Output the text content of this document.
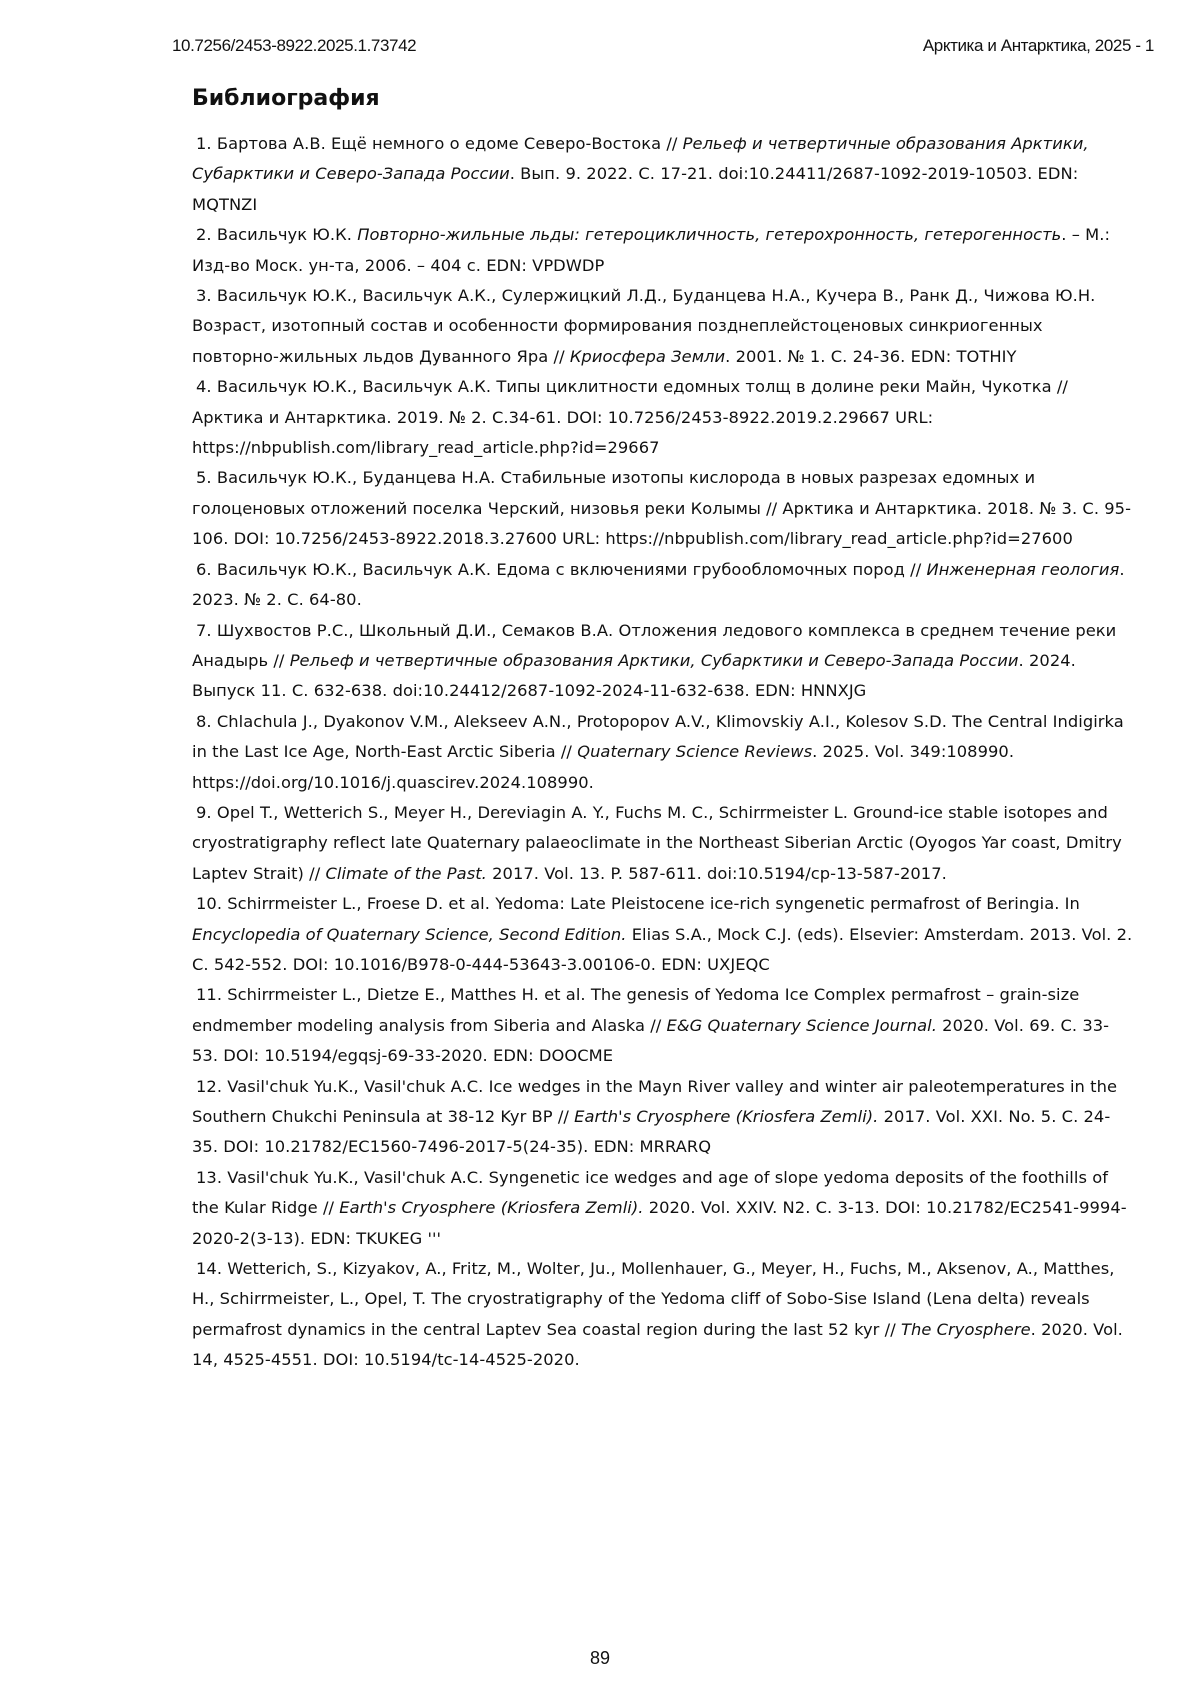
10.7256/2453-8922.2025.1.73742	Арктика и Антарктика, 2025 - 1
Библиография
1. Бартова А.В. Ещё немного о едоме Северо-Востока // Рельеф и четвертичные образования Арктики, Субарктики и Северо-Запада России. Вып. 9. 2022. С. 17-21. doi:10.24411/2687-1092-2019-10503. EDN: MQTNZI
2. Васильчук Ю.К. Повторно-жильные льды: гетероцикличность, гетерохронность, гетерогенность. – М.: Изд-во Моск. ун-та, 2006. – 404 с. EDN: VPDWDP
3. Васильчук Ю.К., Васильчук А.К., Сулержицкий Л.Д., Буданцева Н.А., Кучера В., Ранк Д., Чижова Ю.Н. Возраст, изотопный состав и особенности формирования позднеплейстоценовых синкриогенных повторно-жильных льдов Дуванного Яра // Криосфера Земли. 2001. № 1. С. 24-36. EDN: TOTHIY
4. Васильчук Ю.К., Васильчук А.К. Типы циклитности едомных толщ в долине реки Майн, Чукотка // Арктика и Антарктика. 2019. № 2. С.34-61. DOI: 10.7256/2453-8922.2019.2.29667 URL: https://nbpublish.com/library_read_article.php?id=29667
5. Васильчук Ю.К., Буданцева Н.А. Стабильные изотопы кислорода в новых разрезах едомных и голоценовых отложений поселка Черский, низовья реки Колымы // Арктика и Антарктика. 2018. № 3. С. 95-106. DOI: 10.7256/2453-8922.2018.3.27600 URL: https://nbpublish.com/library_read_article.php?id=27600
6. Васильчук Ю.К., Васильчук А.К. Едома с включениями грубообломочных пород // Инженерная геология. 2023. № 2. С. 64-80.
7. Шухвостов Р.С., Школьный Д.И., Семаков В.А. Отложения ледового комплекса в среднем течение реки Анадырь // Рельеф и четвертичные образования Арктики, Субарктики и Северо-Запада России. 2024. Выпуск 11. С. 632-638. doi:10.24412/2687-1092-2024-11-632-638. EDN: HNNXJG
8. Chlachula J., Dyakonov V.M., Alekseev A.N., Protopopov A.V., Klimovskiy A.I., Kolesov S.D. The Central Indigirka in the Last Ice Age, North-East Arctic Siberia // Quaternary Science Reviews. 2025. Vol. 349:108990. https://doi.org/10.1016/j.quascirev.2024.108990.
9. Opel T., Wetterich S., Meyer H., Dereviagin A. Y., Fuchs M. C., Schirrmeister L. Ground-ice stable isotopes and cryostratigraphy reflect late Quaternary palaeoclimate in the Northeast Siberian Arctic (Oyogos Yar coast, Dmitry Laptev Strait) // Climate of the Past. 2017. Vol. 13. P. 587-611. doi:10.5194/cp-13-587-2017.
10. Schirrmeister L., Froese D. et al. Yedoma: Late Pleistocene ice-rich syngenetic permafrost of Beringia. In Encyclopedia of Quaternary Science, Second Edition. Elias S.A., Mock C.J. (eds). Elsevier: Amsterdam. 2013. Vol. 2. C. 542-552. DOI: 10.1016/B978-0-444-53643-3.00106-0. EDN: UXJEQC
11. Schirrmeister L., Dietze E., Matthes H. et al. The genesis of Yedoma Ice Complex permafrost – grain-size endmember modeling analysis from Siberia and Alaska // E&G Quaternary Science Journal. 2020. Vol. 69. C. 33-53. DOI: 10.5194/egqsj-69-33-2020. EDN: DOOCME
12. Vasil'chuk Yu.K., Vasil'chuk A.C. Ice wedges in the Mayn River valley and winter air paleotemperatures in the Southern Chukchi Peninsula at 38-12 Kyr BP // Earth's Cryosphere (Kriosfera Zemli). 2017. Vol. XXI. No. 5. C. 24-35. DOI: 10.21782/EC1560-7496-2017-5(24-35). EDN: MRRARQ
13. Vasil'chuk Yu.K., Vasil'chuk A.C. Syngenetic ice wedges and age of slope yedoma deposits of the foothills of the Kular Ridge // Earth's Cryosphere (Kriosfera Zemli). 2020. Vol. XXIV. N2. C. 3-13. DOI: 10.21782/EC2541-9994-2020-2(3-13). EDN: TKUKEG '''
14. Wetterich, S., Kizyakov, A., Fritz, M., Wolter, Ju., Mollenhauer, G., Meyer, H., Fuchs, M., Aksenov, A., Matthes, H., Schirrmeister, L., Opel, T. The cryostratigraphy of the Yedoma cliff of Sobo-Sise Island (Lena delta) reveals permafrost dynamics in the central Laptev Sea coastal region during the last 52 kyr // The Cryosphere. 2020. Vol. 14, 4525-4551. DOI: 10.5194/tc-14-4525-2020.
89
